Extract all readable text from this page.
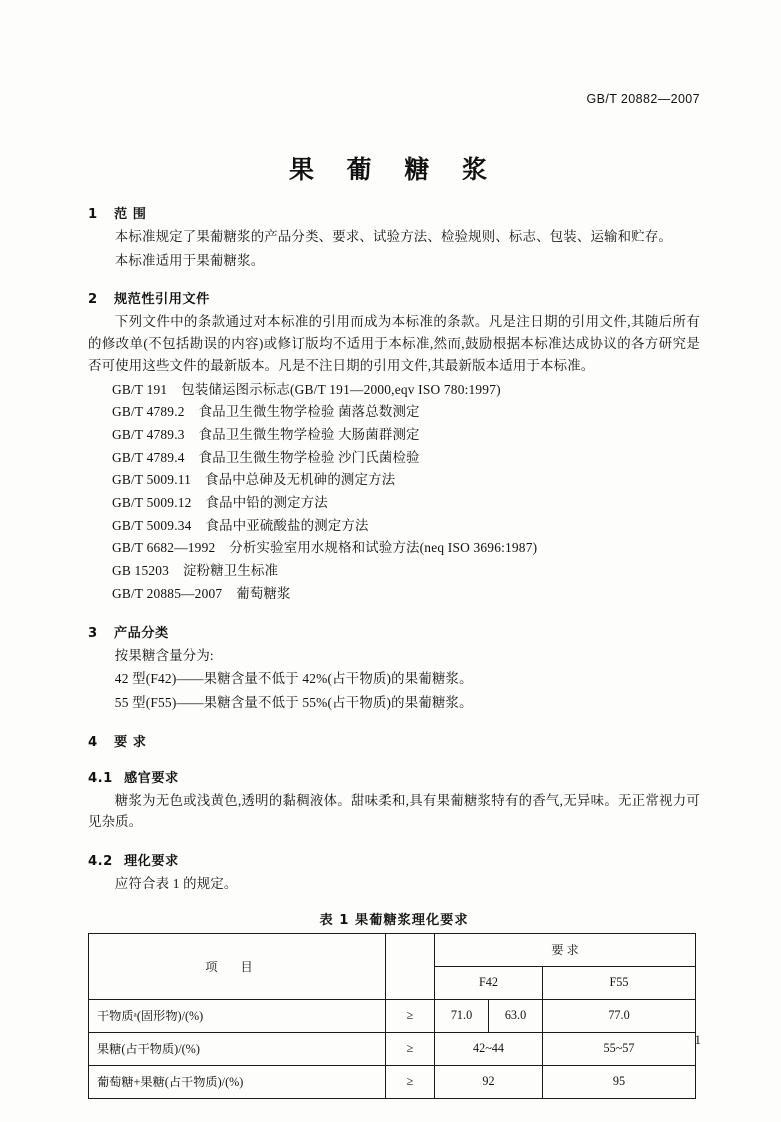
GB/T 20882—2007
果 葡 糖 浆
1 范 围
本标准规定了果葡糖浆的产品分类、要求、试验方法、检验规则、标志、包装、运输和贮存。
本标准适用于果葡糖浆。
2 规范性引用文件
下列文件中的条款通过对本标准的引用而成为本标准的条款。凡是注日期的引用文件,其随后所有的修改单(不包括勘误的内容)或修订版均不适用于本标准,然而,鼓励根据本标准达成协议的各方研究是否可使用这些文件的最新版本。凡是不注日期的引用文件,其最新版本适用于本标准。
GB/T 191 包装储运图示标志(GB/T 191—2000,eqv ISO 780:1997)
GB/T 4789.2 食品卫生微生物学检验 菌落总数测定
GB/T 4789.3 食品卫生微生物学检验 大肠菌群测定
GB/T 4789.4 食品卫生微生物学检验 沙门氏菌检验
GB/T 5009.11 食品中总砷及无机砷的测定方法
GB/T 5009.12 食品中铅的测定方法
GB/T 5009.34 食品中亚硫酸盐的测定方法
GB/T 6682—1992 分析实验室用水规格和试验方法(neq ISO 3696:1987)
GB 15203 淀粉糖卫生标准
GB/T 20885—2007 葡萄糖浆
3 产品分类
按果糖含量分为:
42 型(F42)——果糖含量不低于 42%(占干物质)的果葡糖浆。
55 型(F55)——果糖含量不低于 55%(占干物质)的果葡糖浆。
4 要 求
4.1 感官要求
糖浆为无色或浅黄色,透明的黏稠液体。甜味柔和,具有果葡糖浆特有的香气,无异味。无正常视力可见杂质。
4.2 理化要求
应符合表 1 的规定。
表 1 果葡糖浆理化要求
项 目		要 求		
		F42		F55
干物质ᵃ(固形物)/(%)	≥	71.0	63.0	77.0
果糖(占干物质)/(%)	≥	42~44		55~57
葡萄糖+果糖(占干物质)/(%)	≥	92		95
1
